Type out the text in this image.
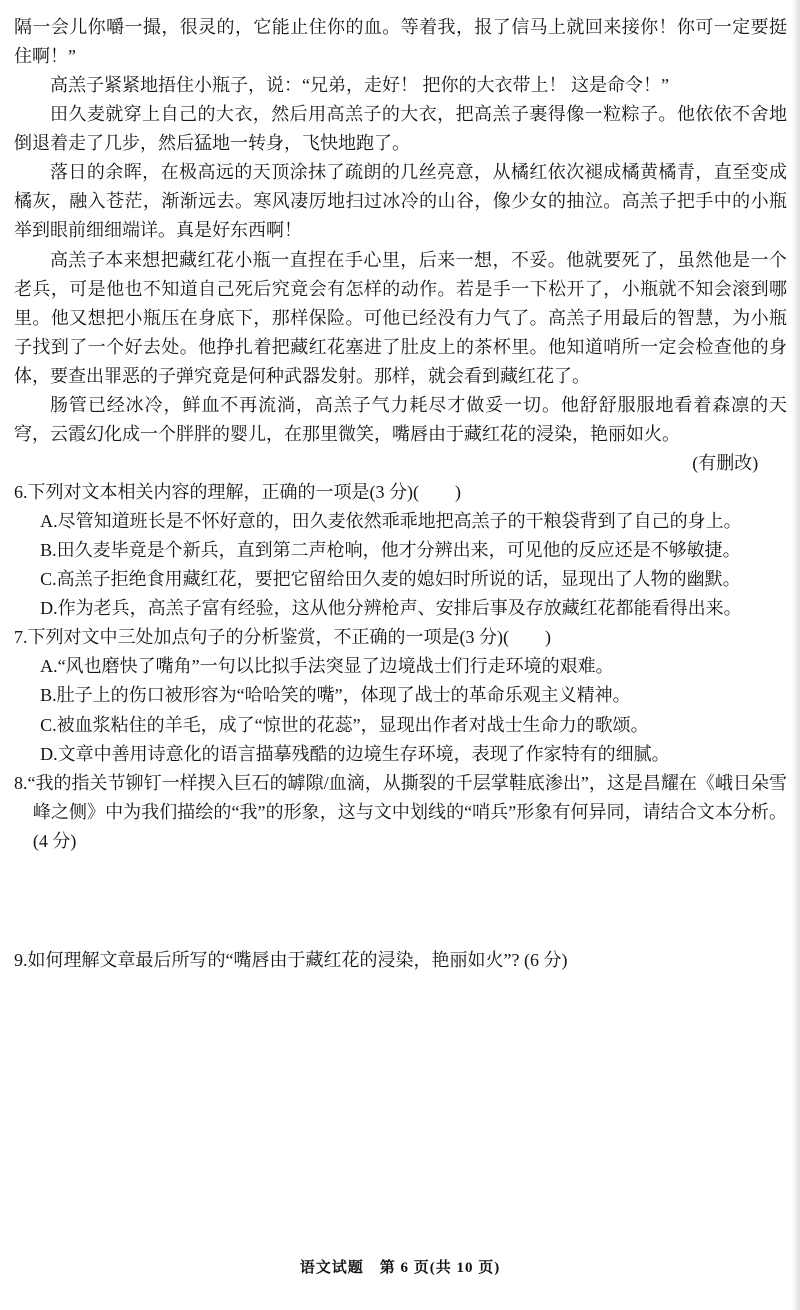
隔一会儿你嚼一撮，很灵的，它能止住你的血。等着我，报了信马上就回来接你！你可一定要挺住啊！”

高羔子紧紧地捂住小瓶子，说：“兄弟，走好！ 把你的大衣带上！ 这是命令！”

田久麦就穿上自己的大衣，然后用高羔子的大衣，把高羔子裹得像一粒粽子。他依依不舍地倒退着走了几步，然后猛地一转身，飞快地跑了。

落日的余晖，在极高远的天顶涂抹了疏朗的几丝亮意，从橘红依次褪成橘黄橘青，直至变成橘灰，融入苍茫，渐渐远去。寒风凄厉地扫过冰冷的山谷，像少女的抽泣。高羔子把手中的小瓶举到眼前细细端详。真是好东西啊！

高羔子本来想把藏红花小瓶一直捏在手心里，后来一想，不妥。他就要死了，虽然他是一个老兵，可是他也不知道自己死后究竟会有怎样的动作。若是手一下松开了，小瓶就不知会滚到哪里。他又想把小瓶压在身底下，那样保险。可他已经没有力气了。高羔子用最后的智慧，为小瓶子找到了一个好去处。他挣扎着把藏红花塞进了肚皮上的茶杯里。他知道哨所一定会检查他的身体，要查出罪恶的子弹究竟是何种武器发射。那样，就会看到藏红花了。

肠管已经冰冷，鲜血不再流淌，高羔子气力耗尽才做妥一切。他舒舒服服地看着森凛的天穹，云霞幻化成一个胖胖的婴儿，在那里微笑，嘴唇由于藏红花的浸染，艳丽如火。

(有删改)

6.下列对文本相关内容的理解，正确的一项是(3 分)(　　)

A.尽管知道班长是不怀好意的，田久麦依然乖乖地把高羔子的干粮袋背到了自己的身上。

B.田久麦毕竟是个新兵，直到第二声枪响，他才分辨出来，可见他的反应还是不够敏捷。

C.高羔子拒绝食用藏红花，要把它留给田久麦的媳妇时所说的话，显现出了人物的幽默。

D.作为老兵，高羔子富有经验，这从他分辨枪声、安排后事及存放藏红花都能看得出来。

7.下列对文中三处加点句子的分析鉴赏，不正确的一项是(3 分)(　　)

A.“风也磨快了嘴角”一句以比拟手法突显了边境战士们行走环境的艰难。

B.肚子上的伤口被形容为“哈哈笑的嘴”，体现了战士的革命乐观主义精神。

C.被血浆粘住的羊毛，成了“惊世的花蕊”，显现出作者对战士生命力的歌颂。

D.文章中善用诗意化的语言描摹残酷的边境生存环境，表现了作家特有的细腻。

8.“我的指关节铆钉一样揳入巨石的罅隙/血滴，从撕裂的千层掌鞋底渗出”，这是昌耀在《峨日朵雪峰之侧》中为我们描绘的“我”的形象，这与文中划线的“哨兵”形象有何异同，请结合文本分析。(4 分)

9.如何理解文章最后所写的“嘴唇由于藏红花的浸染，艳丽如火”? (6 分)

语文试题　第 6 页(共 10 页)
